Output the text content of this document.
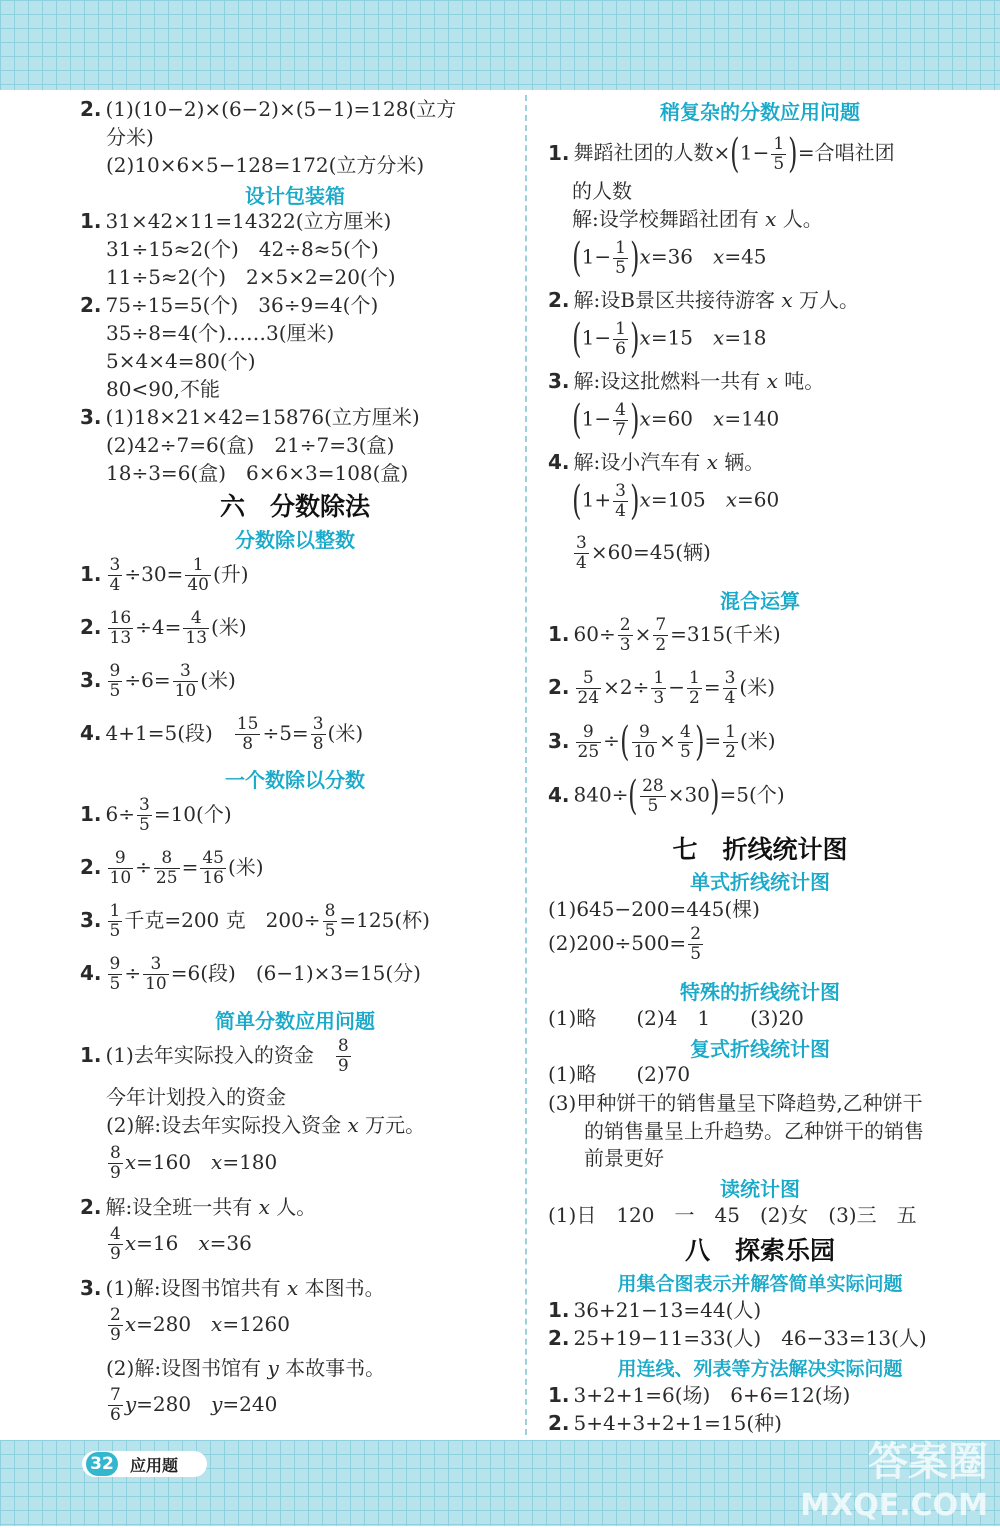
2. (1)(10−2)×(6−2)×(5−1)=128(立方
分米)
(2)10×6×5−128=172(立方分米)
设计包装箱
1. 31×42×11=14322(立方厘米)
31÷15≈2(个)　42÷8≈5(个)
11÷5≈2(个)　2×5×2=20(个)
2. 75÷15=5(个)　36÷9=4(个)
35÷8=4(个)……3(厘米)
5×4×4=80(个)
80<90,不能
3. (1)18×21×42=15876(立方厘米)
(2)42÷7=6(盒)　21÷7=3(盒)
18÷3=6(盒)　6×6×3=108(盒)
六　分数除法
分数除以整数
1. $\frac{3}{4} \div 30= \frac{1}{40}$ (升)
2. $\frac{16}{13} \div 4= \frac{4}{13}$ (米)
3. $\frac{9}{5} \div 6= \frac{3}{10}$ (米)
4. 4+1=5(段)　 $\frac{15}{8} \div 5= \frac{3}{8}$ (米)
一个数除以分数
1. $6\div \frac{3}{5} =10$(个)
2. $\frac{9}{10} \div \frac{8}{25} = \frac{45}{16}$ (米)
3. $\frac{1}{5}$ 千克=200 克　$200\div \frac{8}{5} =125$(杯)
4. $\frac{9}{5} \div \frac{3}{10} =6$(段)　(6−1)×3=15(分)
简单分数应用问题
1. (1)去年实际投入的资金　 $\frac{8}{9}$
今年计划投入的资金
(2)解:设去年实际投入资金 x 万元。
$\frac{8}{9} x=160$　x=180
2. 解:设全班一共有 x 人。
$\frac{4}{9} x=16$　x=36
3. (1)解:设图书馆共有 x 本图书。
$\frac{2}{9} x=280$　x=1260
(2)解:设图书馆有 y 本故事书。
$\frac{7}{6} y=280$　y=240
稍复杂的分数应用问题
1. 舞蹈社团的人数$\times(1- \frac{1}{5}$ )=合唱社团
的人数
解:设学校舞蹈社团有 x 人。
$(1- \frac{1}{5} )x=36$　x=45
2. 解:设B景区共接待游客 x 万人。
$(1- \frac{1}{6} )x=15$　x=18
3. 解:设这批燃料一共有 x 吨。
$(1- \frac{4}{7} )x=60$　x=140
4. 解:设小汽车有 x 辆。
$(1+ \frac{3}{4} )x=105$　x=60
$\frac{3}{4} \times 60=45$(辆)
混合运算
1. $60\div \frac{2}{3} \times \frac{7}{2} =315$(千米)
2. $\frac{5}{24} \times 2\div \frac{1}{3} - \frac{1}{2} = \frac{3}{4}$ (米)
3. $\frac{9}{25}$ ÷( $\frac{9}{10} \times \frac{4}{5}$ )= $\frac{1}{2}$ (米)
4. $840\div( \frac{28}{5} \times 30)=5$(个)
七　折线统计图
单式折线统计图
(1)645−200=445(棵)
$(2)200\div 500= \frac{2}{5}$
特殊的折线统计图
(1)略　　(2)4　1　　(3)20
复式折线统计图
(1)略　　(2)70
(3)甲种饼干的销售量呈下降趋势,乙种饼干
的销售量呈上升趋势。乙种饼干的销售
前景更好
读统计图
(1)日　120　一　45　(2)女　(3)三　五
八　探索乐园
用集合图表示并解答简单实际问题
1. 36+21−13=44(人)
2. 25+19−11=33(人)　46−33=13(人)
用连线、列表等方法解决实际问题
1. 3+2+1=6(场)　6+6=12(场)
2. 5+4+3+2+1=15(种)
32 应用题	答案圈
MXQE.COM
